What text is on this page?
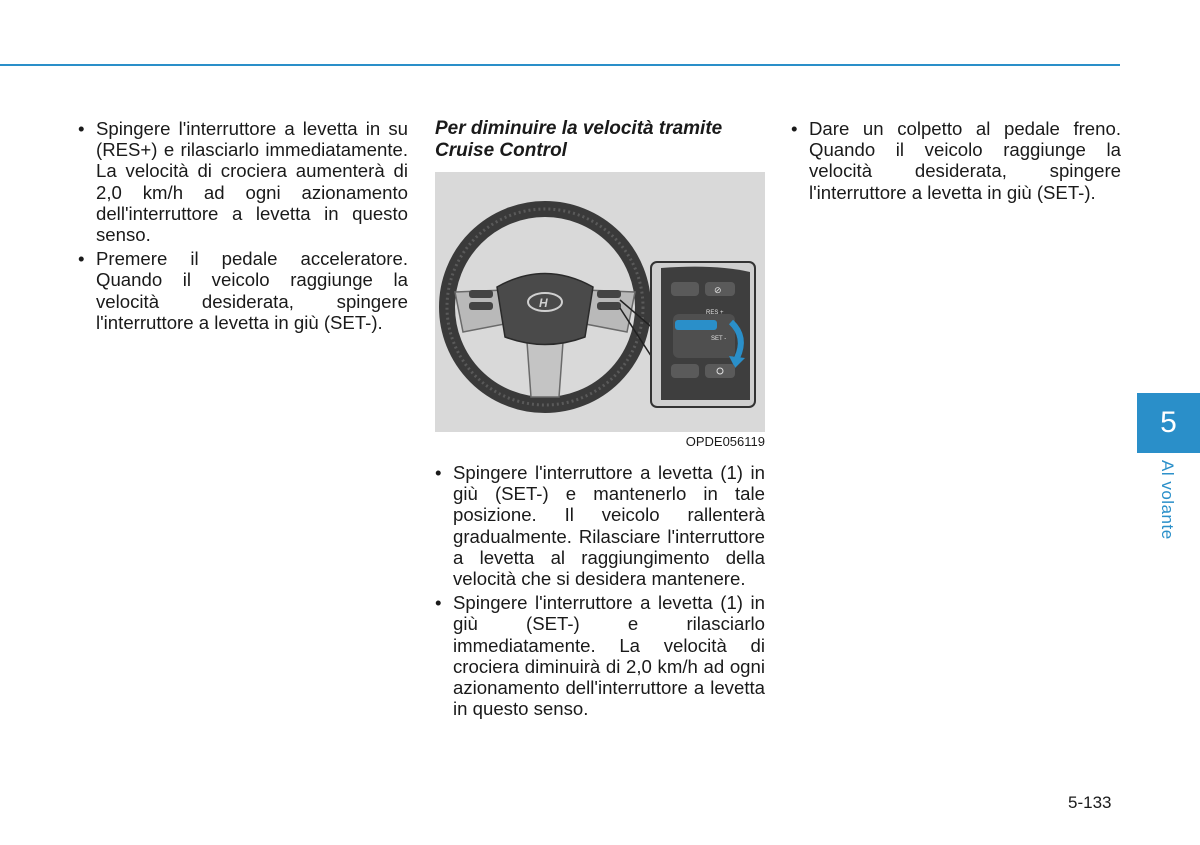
• Spingere l'interruttore a levetta in su (RES+) e rilasciarlo immediatamente. La velocità di crociera aumenterà di 2,0 km/h ad ogni azionamento dell'interruttore a levetta in questo senso.
• Premere il pedale acceleratore. Quando il veicolo raggiunge la velocità desiderata, spingere l'interruttore a levetta in giù (SET-).

Per diminuire la velocità tramite Cruise Control

H
⊘
RES +
SET -
OPDE056119
• Spingere l'interruttore a levetta (1) in giù (SET-) e mantenerlo in tale posizione. Il veicolo rallenterà gradualmente. Rilasciare l'interruttore a levetta al raggiungimento della velocità che si desidera mantenere.
• Spingere l'interruttore a levetta (1) in giù (SET-) e rilasciarlo immediatamente. La velocità di crociera diminuirà di 2,0 km/h ad ogni azionamento dell'interruttore a levetta in questo senso.
• Dare un colpetto al pedale freno. Quando il veicolo raggiunge la velocità desiderata, spingere l'interruttore a levetta in giù (SET-).
5
Al volante
5-133
